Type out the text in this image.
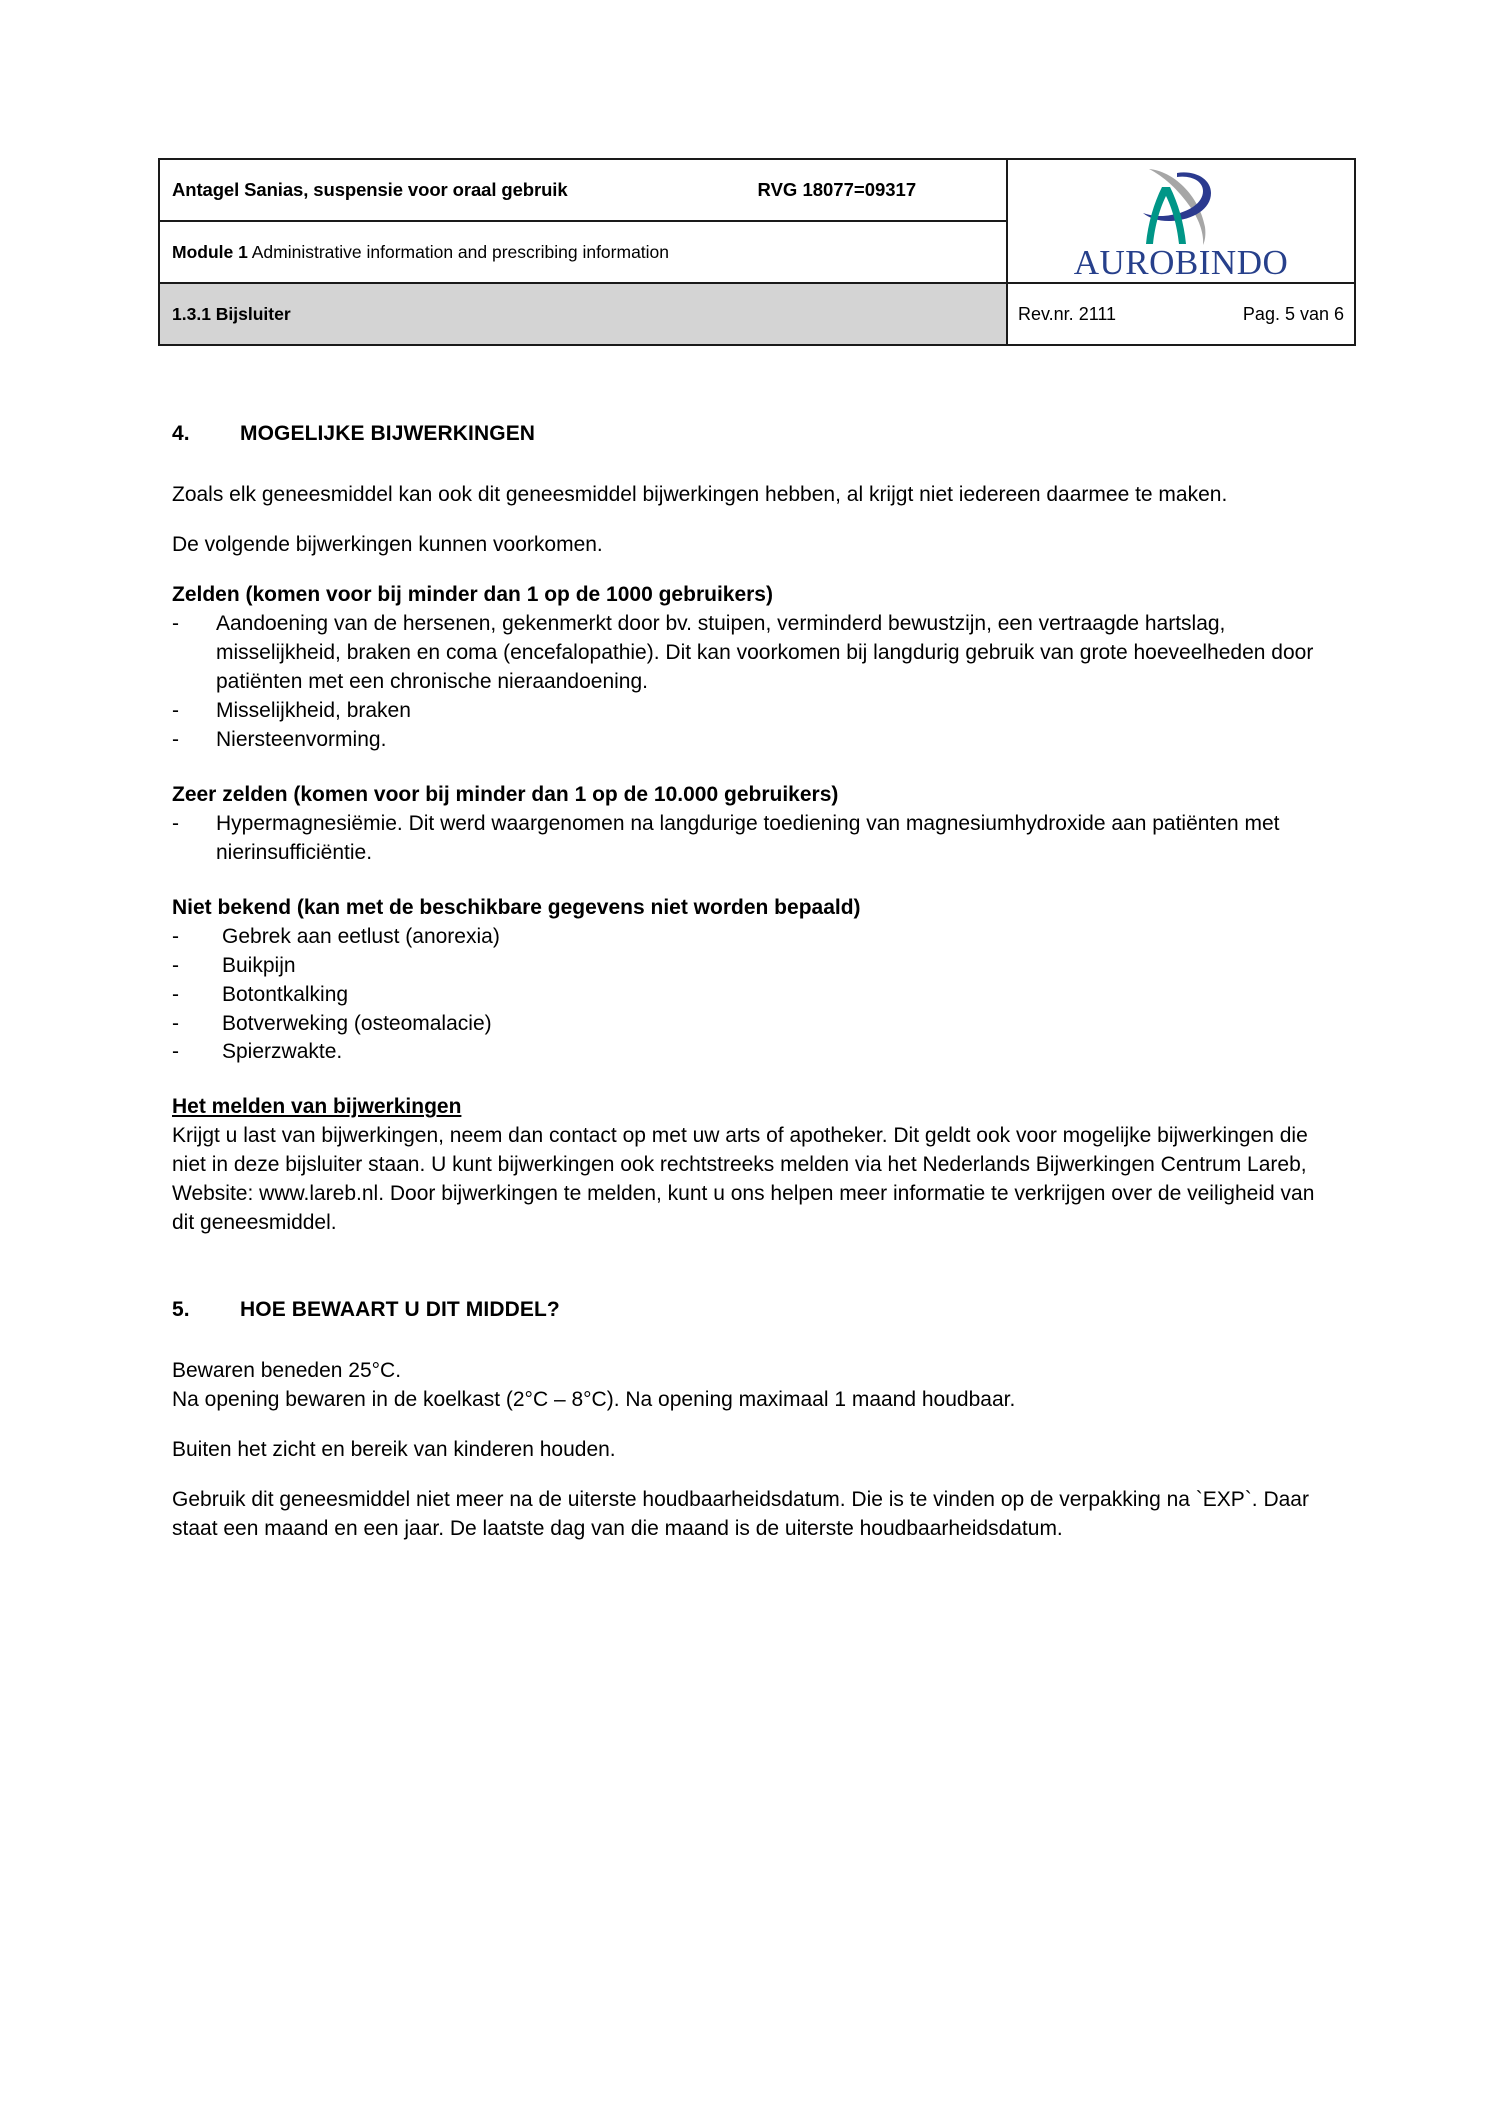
Antagel Sanias, suspensie voor oraal gebruik RVG 18077=09317	AUROBINDO

Module 1 Administrative information and prescribing information	

1.3.1 Bijsluiter	Rev.nr. 2111 Pag. 5 van 6
4.	MOGELIJKE BIJWERKINGEN

Zoals elk geneesmiddel kan ook dit geneesmiddel bijwerkingen hebben, al krijgt niet iedereen daarmee te maken.

De volgende bijwerkingen kunnen voorkomen.

Zelden (komen voor bij minder dan 1 op de 1000 gebruikers)
-	Aandoening van de hersenen, gekenmerkt door bv. stuipen, verminderd bewustzijn, een vertraagde hartslag, misselijkheid, braken en coma (encefalopathie). Dit kan voorkomen bij langdurig gebruik van grote hoeveelheden door patiënten met een chronische nieraandoening.
-	Misselijkheid, braken
-	Niersteenvorming.
Zeer zelden (komen voor bij minder dan 1 op de 10.000 gebruikers)
-	Hypermagnesiëmie. Dit werd waargenomen na langdurige toediening van magnesiumhydroxide aan patiënten met nierinsufficiëntie.
Niet bekend (kan met de beschikbare gegevens niet worden bepaald)
-	Gebrek aan eetlust (anorexia)
-	Buikpijn
-	Botontkalking
-	Botverweking (osteomalacie)
-	Spierzwakte.
Het melden van bijwerkingen

Krijgt u last van bijwerkingen, neem dan contact op met uw arts of apotheker. Dit geldt ook voor mogelijke bijwerkingen die niet in deze bijsluiter staan. U kunt bijwerkingen ook rechtstreeks melden via het Nederlands Bijwerkingen Centrum Lareb, Website: www.lareb.nl. Door bijwerkingen te melden, kunt u ons helpen meer informatie te verkrijgen over de veiligheid van dit geneesmiddel.

5.	HOE BEWAART U DIT MIDDEL?

Bewaren beneden 25°C.

Na opening bewaren in de koelkast (2°C – 8°C). Na opening maximaal 1 maand houdbaar.

Buiten het zicht en bereik van kinderen houden.

Gebruik dit geneesmiddel niet meer na de uiterste houdbaarheidsdatum. Die is te vinden op de verpakking na `EXP`. Daar staat een maand en een jaar. De laatste dag van die maand is de uiterste houdbaarheidsdatum.
